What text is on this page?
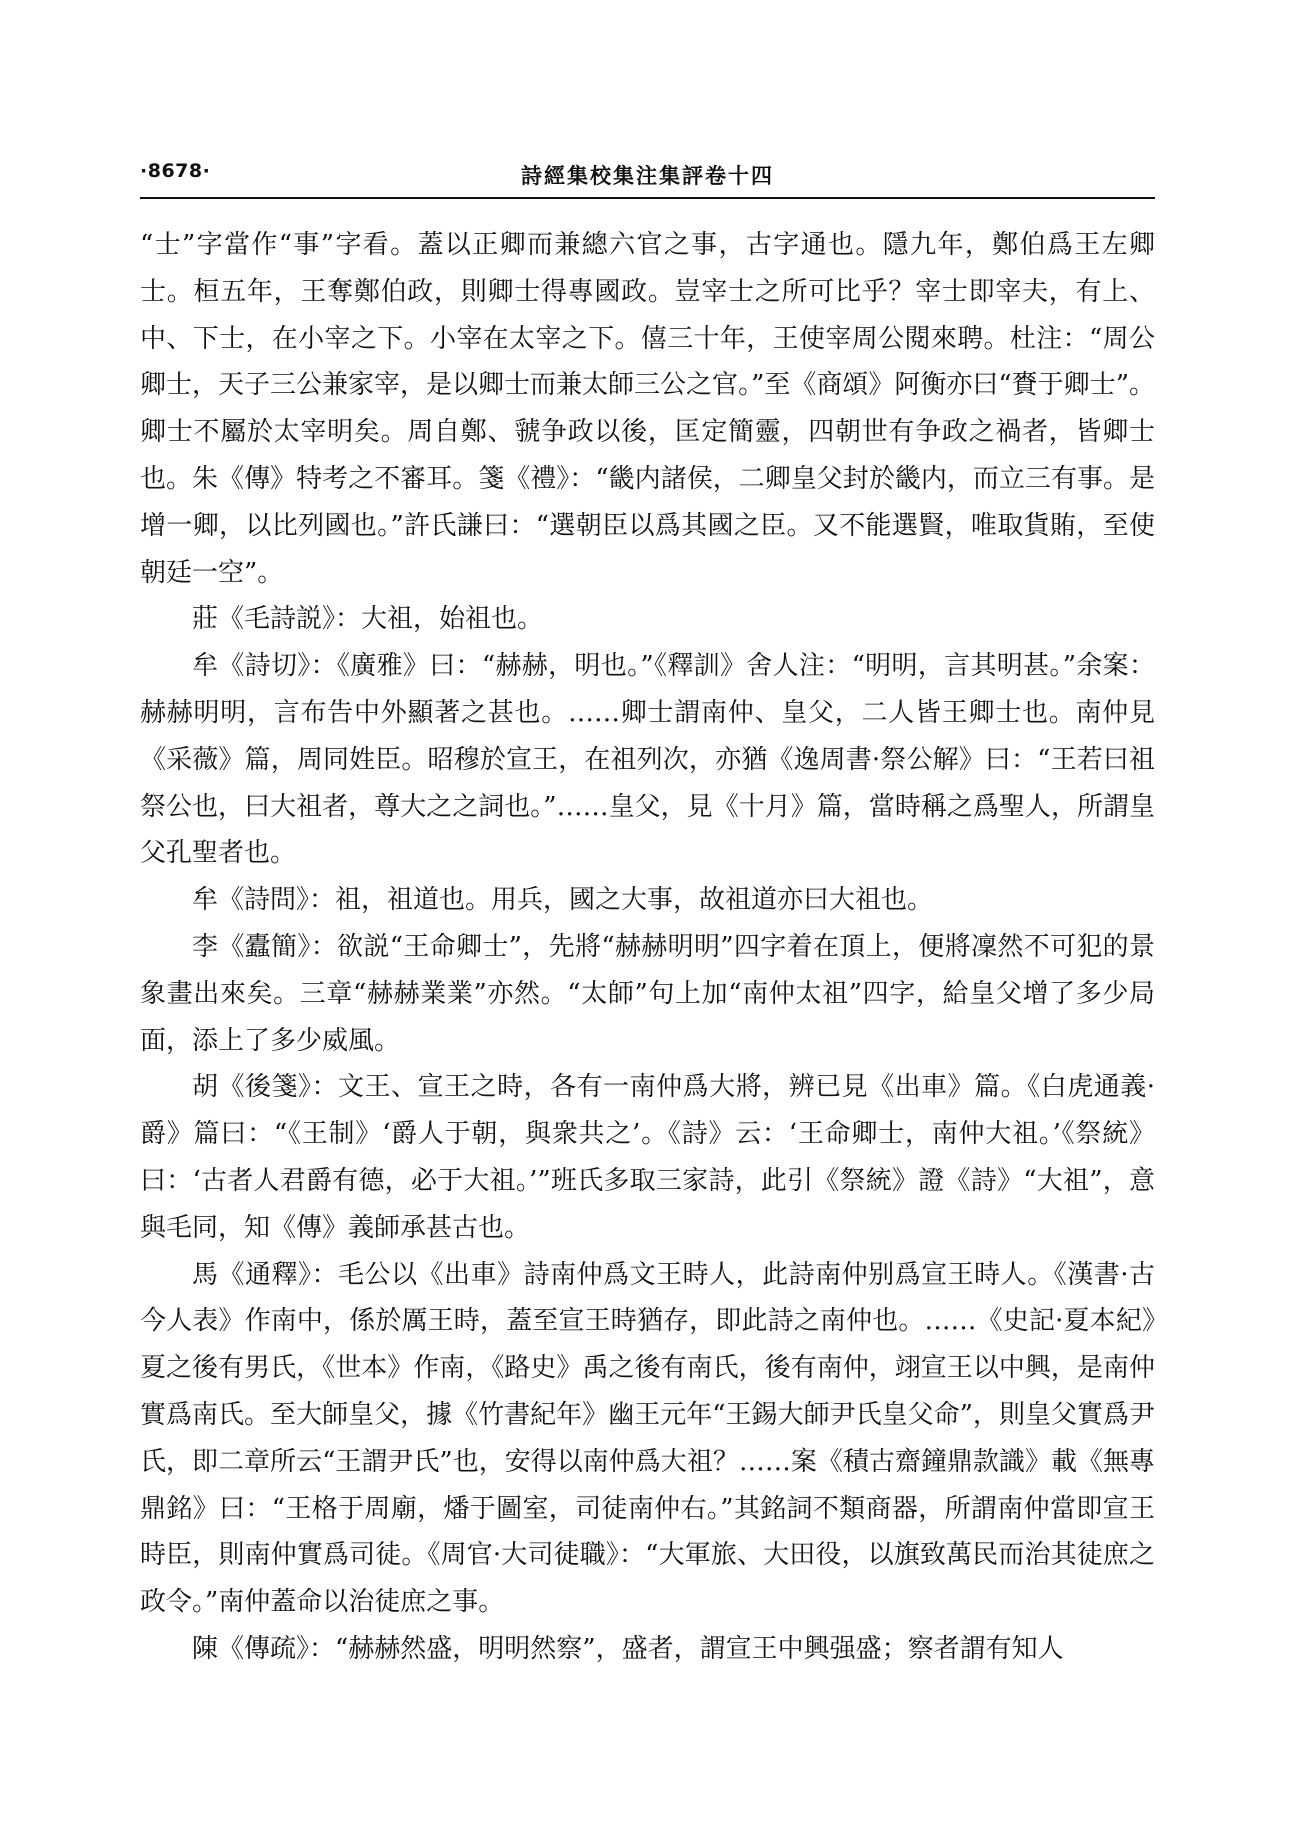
·8678·	詩經集校集注集評卷十四

“士”字當作“事”字看。蓋以正卿而兼總六官之事，古字通也。隱九年，鄭伯爲王左卿士。桓五年，王奪鄭伯政，則卿士得專國政。豈宰士之所可比乎？宰士即宰夫，有上、中、下士，在小宰之下。小宰在太宰之下。僖三十年，王使宰周公閱來聘。杜注：“周公卿士，天子三公兼家宰，是以卿士而兼太師三公之官。”至《商頌》阿衡亦曰“賚于卿士”。卿士不屬於太宰明矣。周自鄭、虢争政以後，匡定簡靈，四朝世有争政之禍者，皆卿士也。朱《傳》特考之不審耳。箋《禮》：“畿内諸侯，二卿皇父封於畿内，而立三有事。是增一卿，以比列國也。”許氏謙曰：“選朝臣以爲其國之臣。又不能選賢，唯取貨賄，至使朝廷一空”。

莊《毛詩説》：大祖，始祖也。

牟《詩切》：《廣雅》曰：“赫赫，明也。”《釋訓》舍人注：“明明，言其明甚。”余案：赫赫明明，言布告中外顯著之甚也。……卿士謂南仲、皇父，二人皆王卿士也。南仲見《采薇》篇，周同姓臣。昭穆於宣王，在祖列次，亦猶《逸周書·祭公解》曰：“王若曰祖祭公也，曰大祖者，尊大之之詞也。”……皇父，見《十月》篇，當時稱之爲聖人，所謂皇父孔聖者也。

牟《詩問》：祖，祖道也。用兵，國之大事，故祖道亦曰大祖也。

李《蠹簡》：欲説“王命卿士”，先將“赫赫明明”四字着在頂上，便將凜然不可犯的景象畫出來矣。三章“赫赫業業”亦然。“太師”句上加“南仲太祖”四字，給皇父增了多少局面，添上了多少威風。

胡《後箋》：文王、宣王之時，各有一南仲爲大將，辨已見《出車》篇。《白虎通義·爵》篇曰：“《王制》‘爵人于朝，與衆共之’。《詩》云：‘王命卿士，南仲大祖。’《祭統》曰：‘古者人君爵有德，必于大祖。’”班氏多取三家詩，此引《祭統》證《詩》“大祖”，意與毛同，知《傳》義師承甚古也。

馬《通釋》：毛公以《出車》詩南仲爲文王時人，此詩南仲别爲宣王時人。《漢書·古今人表》作南中，係於厲王時，蓋至宣王時猶存，即此詩之南仲也。……《史記·夏本紀》夏之後有男氏，《世本》作南，《路史》禹之後有南氏，後有南仲，翊宣王以中興，是南仲實爲南氏。至大師皇父，據《竹書紀年》幽王元年“王錫大師尹氏皇父命”，則皇父實爲尹氏，即二章所云“王謂尹氏”也，安得以南仲爲大祖？……案《積古齋鐘鼎款識》載《無專鼎銘》曰：“王格于周廟，燔于圖室，司徒南仲右。”其銘詞不類商器，所謂南仲當即宣王時臣，則南仲實爲司徒。《周官·大司徒職》：“大軍旅、大田役，以旗致萬民而治其徒庶之政令。”南仲蓋命以治徒庶之事。

陳《傳疏》：“赫赫然盛，明明然察”，盛者，謂宣王中興强盛；察者謂有知人
